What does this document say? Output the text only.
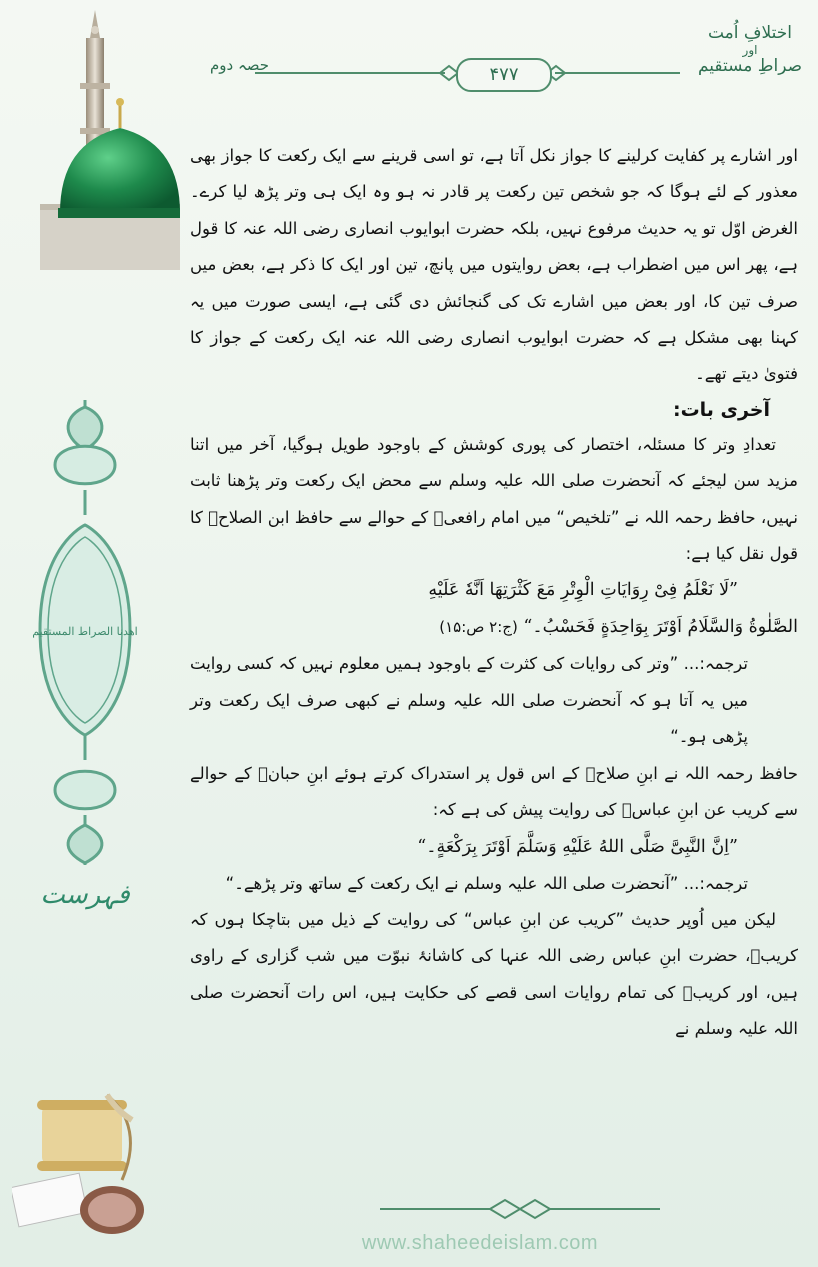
اختلافِ اُمت
اور
صراطِ مستقیم
۴۷۷
حصہ دوم
اهدنا الصراط المستقيم
فہرست

اور اشارے پر کفایت کرلینے کا جواز نکل آتا ہے، تو اسی قرینے سے ایک رکعت کا جواز بھی معذور کے لئے ہوگا کہ جو شخص تین رکعت پر قادر نہ ہو وہ ایک ہی وتر پڑھ لیا کرے۔ الغرض اوّل تو یہ حدیث مرفوع نہیں، بلکہ حضرت ابوایوب انصاری رضی اللہ عنہ کا قول ہے، پھر اس میں اضطراب ہے، بعض روایتوں میں پانچ، تین اور ایک کا ذکر ہے، بعض میں صرف تین کا، اور بعض میں اشارے تک کی گنجائش دی گئی ہے، ایسی صورت میں یہ کہنا بھی مشکل ہے کہ حضرت ابوایوب انصاری رضی اللہ عنہ ایک رکعت کے جواز کا فتویٰ دیتے تھے۔

آخری بات:

تعدادِ وتر کا مسئلہ، اختصار کی پوری کوشش کے باوجود طویل ہوگیا، آخر میں اتنا مزید سن لیجئے کہ آنحضرت صلی اللہ علیہ وسلم سے محض ایک رکعت وتر پڑھنا ثابت نہیں، حافظ رحمہ اللہ نے ”تلخیص“ میں امام رافعیؒ کے حوالے سے حافظ ابن الصلاحؒ کا قول نقل کیا ہے:

”لَا نَعْلَمُ فِیْ رِوَایَاتِ الْوِتْرِ مَعَ کَثْرَتِھَا اَنَّهٗ عَلَیْهِ

الصَّلٰوةُ وَالسَّلَامُ اَوْتَرَ بِوَاحِدَةٍ فَحَسْبُ۔“ (ج:۲ ص:۱۵)

ترجمہ:... ”وتر کی روایات کی کثرت کے باوجود ہمیں معلوم نہیں کہ کسی روایت میں یہ آتا ہو کہ آنحضرت صلی اللہ علیہ وسلم نے کبھی صرف ایک رکعت وتر پڑھی ہو۔“

حافظ رحمہ اللہ نے ابنِ صلاحؒ کے اس قول پر استدراک کرتے ہوئے ابنِ حبانؒ کے حوالے سے کریب عن ابنِ عباسؓ کی روایت پیش کی ہے کہ:

”اِنَّ النَّبِیَّ صَلَّی اللهُ عَلَیْهِ وَسَلَّمَ اَوْتَرَ بِرَکْعَةٍ۔“

ترجمہ:... ”آنحضرت صلی اللہ علیہ وسلم نے ایک رکعت کے ساتھ وتر پڑھے۔“

لیکن میں اُوپر حدیث ”کریب عن ابنِ عباس“ کی روایت کے ذیل میں بتاچکا ہوں کہ کریبؒ، حضرت ابنِ عباس رضی اللہ عنہا کی کاشانۂ نبوّت میں شب گزاری کے راوی ہیں، اور کریبؒ کی تمام روایات اسی قصے کی حکایت ہیں، اس رات آنحضرت صلی اللہ علیہ وسلم نے

www.shaheedeislam.com
